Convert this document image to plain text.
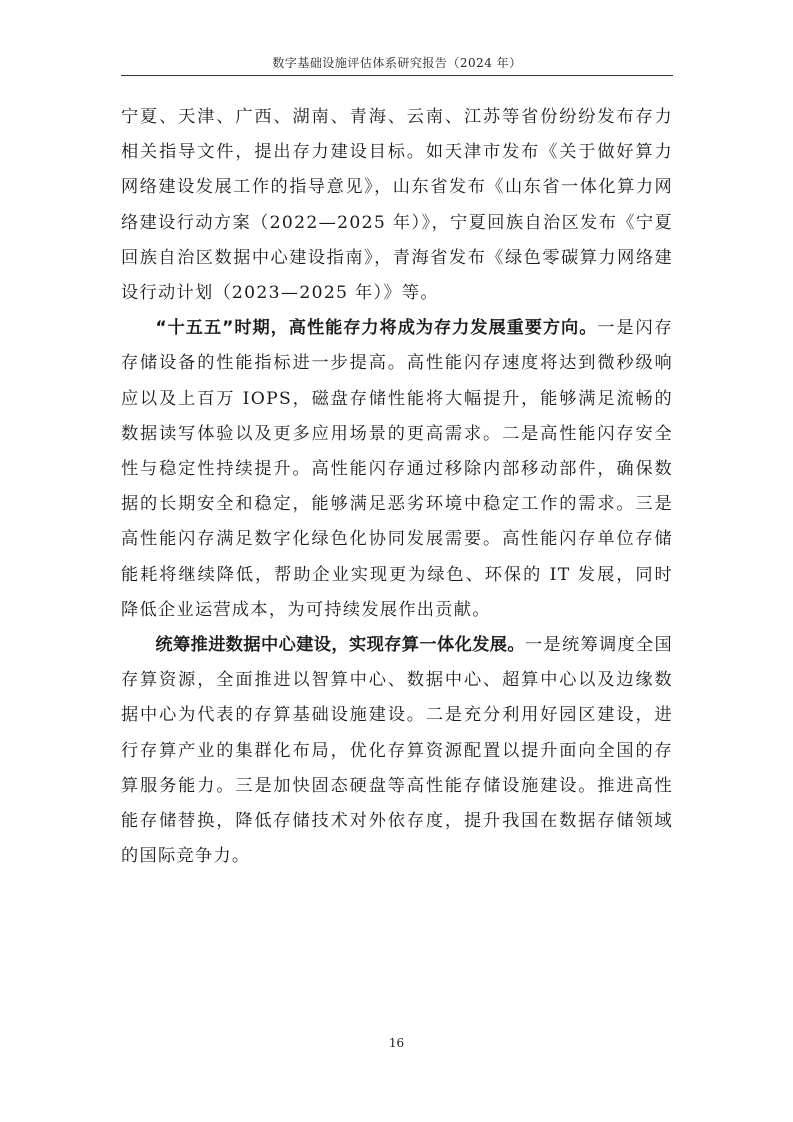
数字基础设施评估体系研究报告（2024 年）

宁夏、天津、广西、湖南、青海、云南、江苏等省份纷纷发布存力相关指导文件，提出存力建设目标。如天津市发布《关于做好算力网络建设发展工作的指导意见》，山东省发布《山东省一体化算力网络建设行动方案（2022—2025 年）》，宁夏回族自治区发布《宁夏回族自治区数据中心建设指南》，青海省发布《绿色零碳算力网络建设行动计划（2023—2025 年）》等。

“十五五”时期，高性能存力将成为存力发展重要方向。一是闪存存储设备的性能指标进一步提高。高性能闪存速度将达到微秒级响应以及上百万 IOPS，磁盘存储性能将大幅提升，能够满足流畅的数据读写体验以及更多应用场景的更高需求。二是高性能闪存安全性与稳定性持续提升。高性能闪存通过移除内部移动部件，确保数据的长期安全和稳定，能够满足恶劣环境中稳定工作的需求。三是高性能闪存满足数字化绿色化协同发展需要。高性能闪存单位存储能耗将继续降低，帮助企业实现更为绿色、环保的 IT 发展，同时降低企业运营成本，为可持续发展作出贡献。

统筹推进数据中心建设，实现存算一体化发展。一是统筹调度全国存算资源，全面推进以智算中心、数据中心、超算中心以及边缘数据中心为代表的存算基础设施建设。二是充分利用好园区建设，进行存算产业的集群化布局，优化存算资源配置以提升面向全国的存算服务能力。三是加快固态硬盘等高性能存储设施建设。推进高性能存储替换，降低存储技术对外依存度，提升我国在数据存储领域的国际竞争力。

16
